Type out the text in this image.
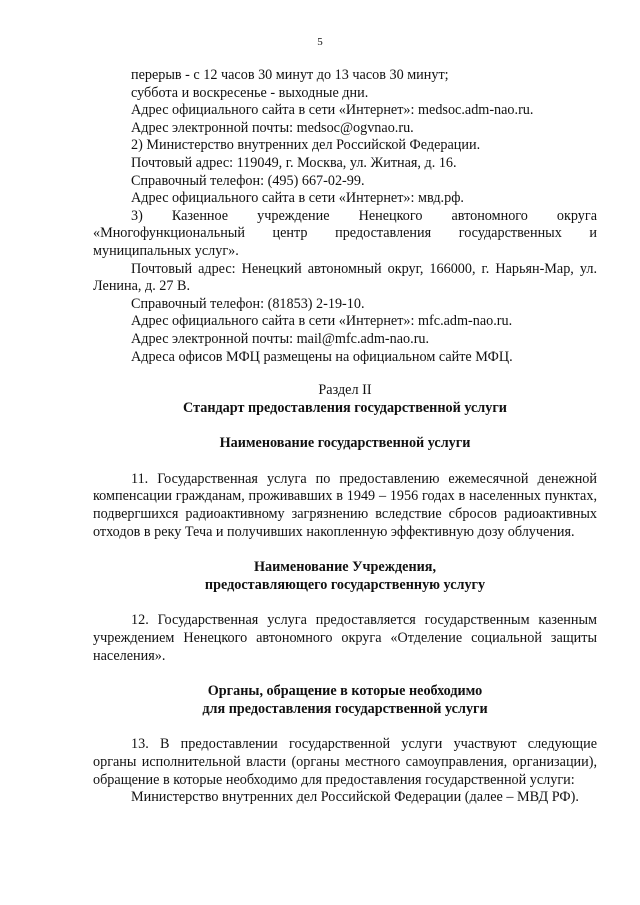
5

перерыв - с 12 часов 30 минут до 13 часов 30 минут;

суббота и воскресенье - выходные дни.

Адрес официального сайта в сети «Интернет»: medsoc.adm-nao.ru.

Адрес электронной почты: medsoc@ogvnao.ru.

2) Министерство внутренних дел Российской Федерации.

Почтовый адрес: 119049, г. Москва, ул. Житная, д. 16.

Справочный телефон: (495) 667-02-99.

Адрес официального сайта в сети «Интернет»: мвд.рф.

3) Казенное учреждение Ненецкого автономного округа «Многофункциональный центр предоставления государственных и муниципальных услуг».

Почтовый адрес: Ненецкий автономный округ, 166000, г. Нарьян-Мар, ул. Ленина, д. 27 В.

Справочный телефон: (81853) 2-19-10.

Адрес официального сайта в сети «Интернет»: mfc.adm-nao.ru.

Адрес электронной почты: mail@mfc.adm-nao.ru.

Адреса офисов МФЦ размещены на официальном сайте МФЦ.

Раздел II

Стандарт предоставления государственной услуги

Наименование государственной услуги

11. Государственная услуга по предоставлению ежемесячной денежной компенсации гражданам, проживавших в 1949 – 1956 годах в населенных пунктах, подвергшихся радиоактивному загрязнению вследствие сбросов радиоактивных отходов в реку Теча и получивших накопленную эффективную дозу облучения.

Наименование Учреждения,

предоставляющего государственную услугу

12. Государственная услуга предоставляется государственным казенным учреждением Ненецкого автономного округа «Отделение социальной защиты населения».

Органы, обращение в которые необходимо

для предоставления государственной услуги

13. В предоставлении государственной услуги участвуют следующие органы исполнительной власти (органы местного самоуправления, организации), обращение в которые необходимо для предоставления государственной услуги:

Министерство внутренних дел Российской Федерации (далее – МВД РФ).
